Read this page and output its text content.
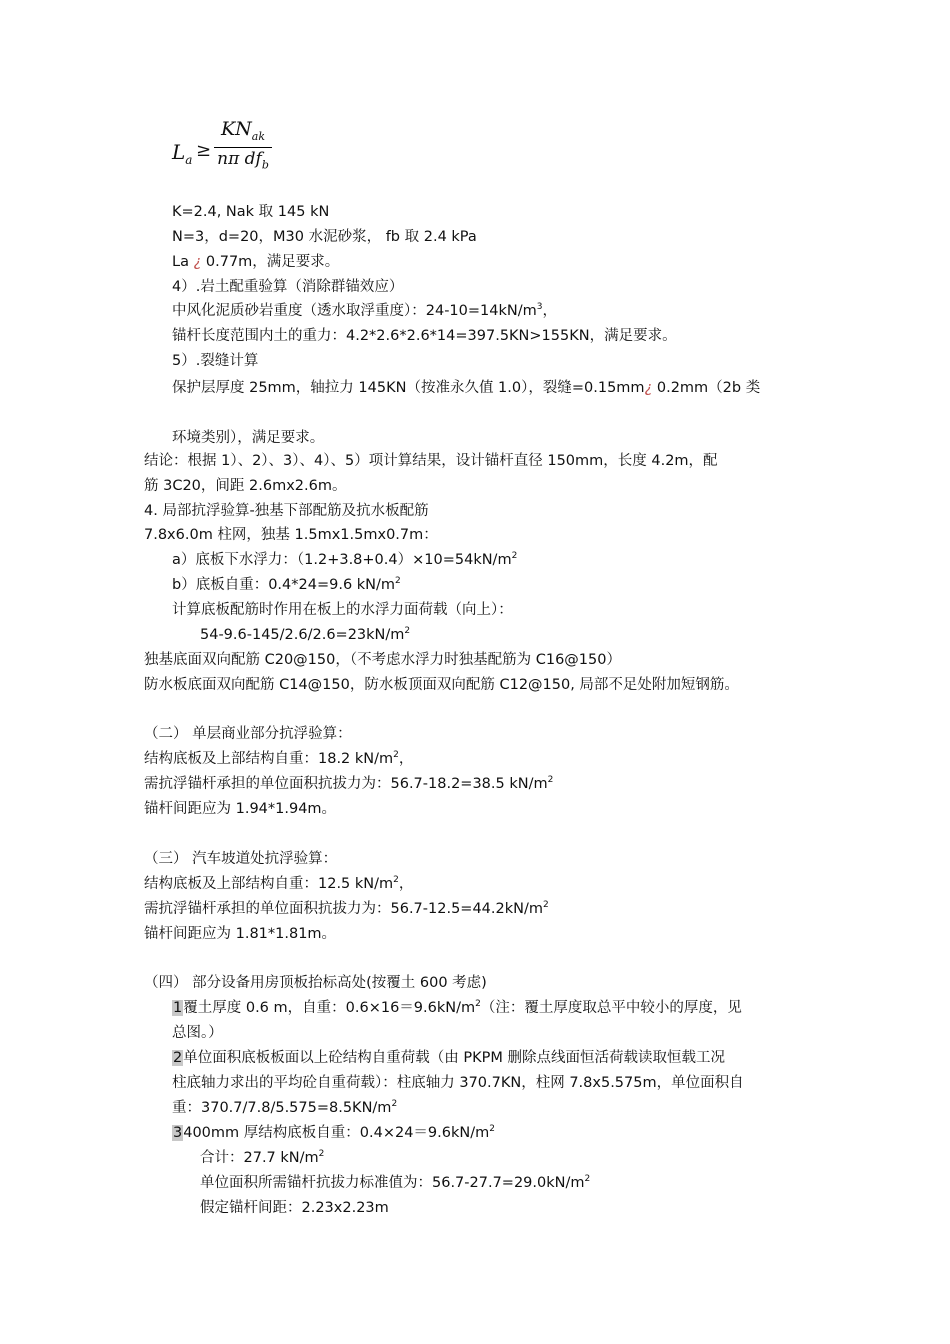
$L_a$ ≥
$KN_{ak}$
nπ $df_b$
K=2.4, Nak 取 145 kN
N=3，d=20，M30 水泥砂浆， fb 取 2.4 kPa
La ¿ 0.77m，满足要求。
4）.岩土配重验算（消除群锚效应）
中风化泥质砂岩重度（透水取浮重度）：$24-10=14kN/m^3$，
锚杆长度范围内土的重力：4.2*2.6*2.6*14=397.5KN>155KN，满足要求。
5）.裂缝计算
保护层厚度 25mm，轴拉力 145KN（按准永久值 1.0），裂缝=0.15mm¿ 0.2mm（2b 类
环境类别），满足要求。
结论：根据 1）、2）、3）、4）、5）项计算结果，设计锚杆直径 150mm，长度 4.2m，配
筋 3C20，间距 2.6mx2.6m。
4. 局部抗浮验算-独基下部配筋及抗水板配筋
7.8x6.0m 柱网，独基 1.5mx1.5mx0.7m：
a）底板下水浮力：$(1.2+3.8+0.4)\times 10=54kN/m^2$
b）底板自重：0.4*24=9.6 $kN/m^2$
计算底板配筋时作用在板上的水浮力面荷载（向上）：
$54-9.6-145/2.6/2.6=23kN/m^2$
独基底面双向配筋 C20@150，（不考虑水浮力时独基配筋为 C16@150）
防水板底面双向配筋 C14@150，防水板顶面双向配筋 C12@150, 局部不足处附加短钢筋。
（二） 单层商业部分抗浮验算：
结构底板及上部结构自重：18.2 $kN/m^2$，
需抗浮锚杆承担的单位面积抗拔力为：56.7-18.2=38.5 $kN/m^2$
锚杆间距应为 1.94*1.94m。
（三） 汽车坡道处抗浮验算：
结构底板及上部结构自重：12.5 $kN/m^2$，
需抗浮锚杆承担的单位面积抗拔力为：$56.7-12.5=44.2kN/m^2$
锚杆间距应为 1.81*1.81m。
（四） 部分设备用房顶板抬标高处(按覆土 600 考虑)
1覆土厚度 0.6 m，自重：$0.6\times 16=9.6kN/m^2$（注：覆土厚度取总平中较小的厚度，见
总图。）
2单位面积底板板面以上砼结构自重荷载（由 PKPM 删除点线面恒活荷载读取恒载工况
柱底轴力求出的平均砼自重荷载）：柱底轴力 370.7KN，柱网 7.8x5.575m，单位面积自
重：$370.7/7.8/5.575=8.5KN/m^2$
3400mm 厚结构底板自重：$0.4\times 24=9.6kN/m^2$
合计：27.7 $kN/m^2$
单位面积所需锚杆抗拔力标准值为：$56.7-27.7=29.0kN/m^2$
假定锚杆间距：2.23x2.23m
